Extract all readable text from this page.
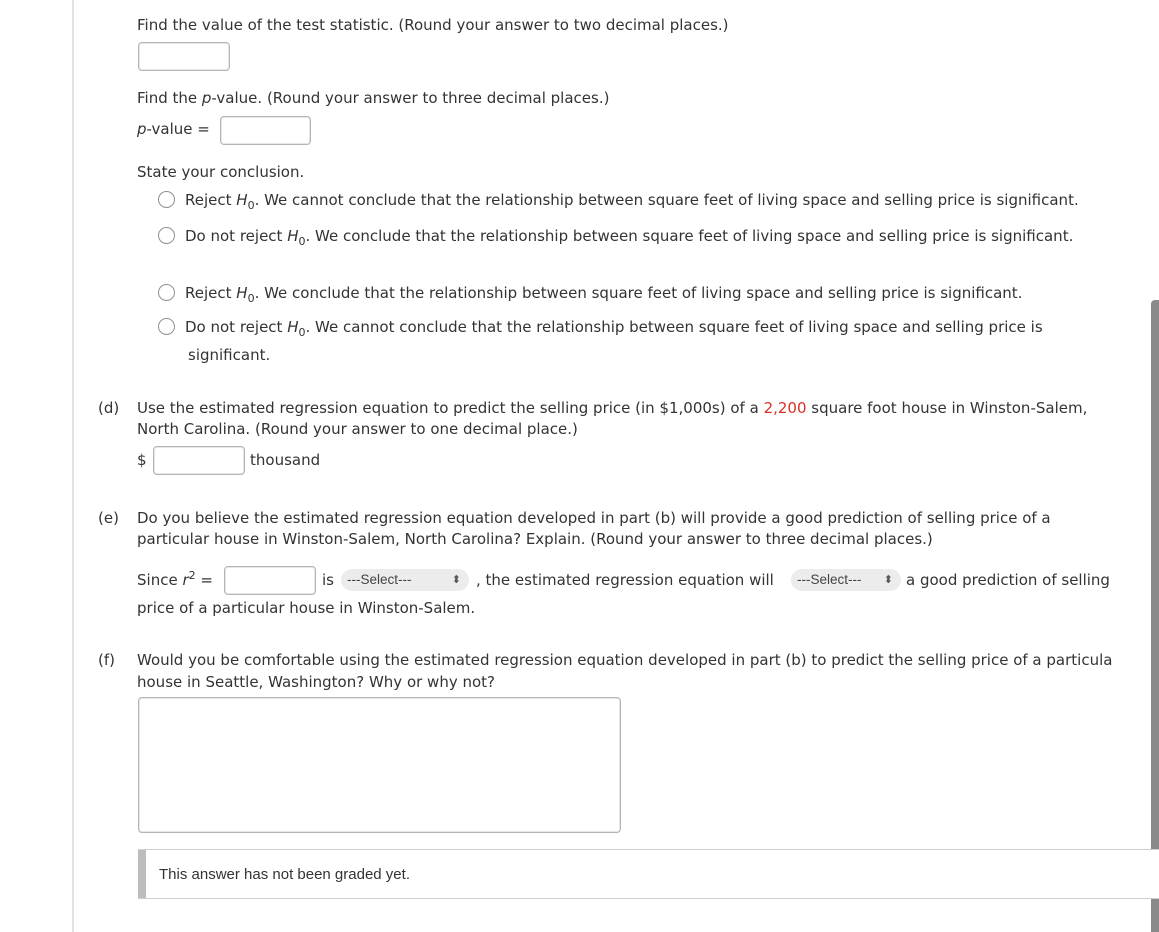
Find the value of the test statistic. (Round your answer to two decimal places.)
Find the p-value. (Round your answer to three decimal places.)
p-value =
State your conclusion.
Reject $H_0$. We cannot conclude that the relationship between square feet of living space and selling price is significant.
Do not reject $H_0$. We conclude that the relationship between square feet of living space and selling price is significant.
Reject $H_0$. We conclude that the relationship between square feet of living space and selling price is significant.
Do not reject $H_0$. We cannot conclude that the relationship between square feet of living space and selling price is
significant.
(d) Use the estimated regression equation to predict the selling price (in $1,000s) of a 2,200 square foot house in Winston-Salem,
North Carolina. (Round your answer to one decimal place.)
$	thousand
(e) Do you believe the estimated regression equation developed in part (b) will provide a good prediction of selling price of a
particular house in Winston-Salem, North Carolina? Explain. (Round your answer to three decimal places.)
Since $r^2$ =	is ---Select---	⬍ , the estimated regression equation will	---Select--- ⬍ a good prediction of selling
price of a particular house in Winston-Salem.
(f) Would you be comfortable using the estimated regression equation developed in part (b) to predict the selling price of a particula
house in Seattle, Washington? Why or why not?
This answer has not been graded yet.
